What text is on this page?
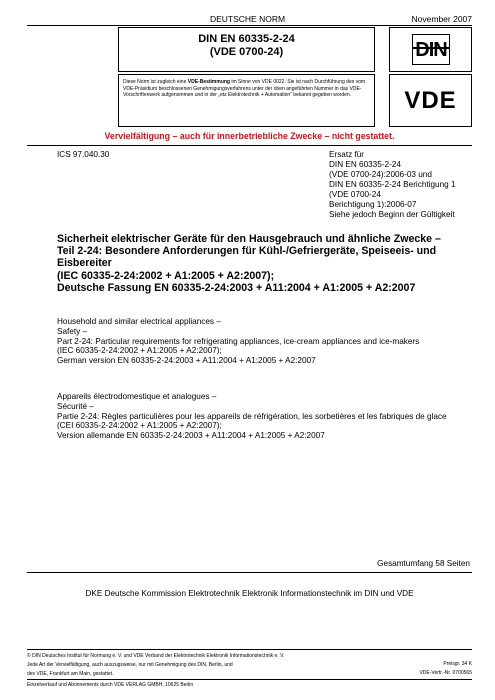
DEUTSCHE NORM	November 2007
DIN EN 60335-2-24
(VDE 0700-24)	DIN
Diese Norm ist zugleich eine VDE-Bestimmung im Sinne von VDE 0022. Sie ist nach Durchführung des vom VDE-Präsidium beschlossenen Genehmigungsverfahrens unter der oben angeführten Nummer in das VDE-Vorschriftenwerk aufgenommen und in der „etz Elektrotechnik + Automation“ bekannt gegeben worden.	VDE
Vervielfältigung – auch für innerbetriebliche Zwecke – nicht gestattet.
ICS 97.040.30	Ersatz für
DIN EN 60335-2-24
(VDE 0700-24):2006-03 und
DIN EN 60335-2-24 Berichtigung 1
(VDE 0700-24
Berichtigung 1):2006-07
Siehe jedoch Beginn der Gültigkeit
Sicherheit elektrischer Geräte für den Hausgebrauch und ähnliche Zwecke –
Teil 2-24: Besondere Anforderungen für Kühl-/Gefriergeräte, Speiseeis- und Eisbereiter
(IEC 60335-2-24:2002 + A1:2005 + A2:2007);
Deutsche Fassung EN 60335-2-24:2003 + A11:2004 + A1:2005 + A2:2007
Household and similar electrical appliances –
Safety –
Part 2-24: Particular requirements for refrigerating appliances, ice-cream appliances and ice-makers
(IEC 60335-2-24:2002 + A1:2005 + A2:2007);
German version EN 60335-2-24:2003 + A11:2004 + A1:2005 + A2:2007
Appareils électrodomestique et analogues –
Sécurité –
Partie 2-24: Règles particulières pour les appareils de réfrigération, les sorbetières et les fabriques de glace
(CEI 60335-2-24:2002 + A1:2005 + A2:2007);
Version allemande EN 60335-2-24:2003 + A11:2004 + A1:2005 + A2:2007
Gesamtumfang 58 Seiten
DKE Deutsche Kommission Elektrotechnik Elektronik Informationstechnik im DIN und VDE
© DIN Deutsches Institut für Normung e. V. und VDE Verband der Elektrotechnik Elektronik Informationstechnik e. V.
Jede Art der Vervielfältigung, auch auszugsweise, nur mit Genehmigung des DIN, Berlin, und
des VDE, Frankfurt am Main, gestattet.
Preisgr. 34 K
VDE-Vertr.-Nr. 0700565
Einzelverkauf und Abonnements durch VDE VERLAG GMBH, 10625 Berlin
